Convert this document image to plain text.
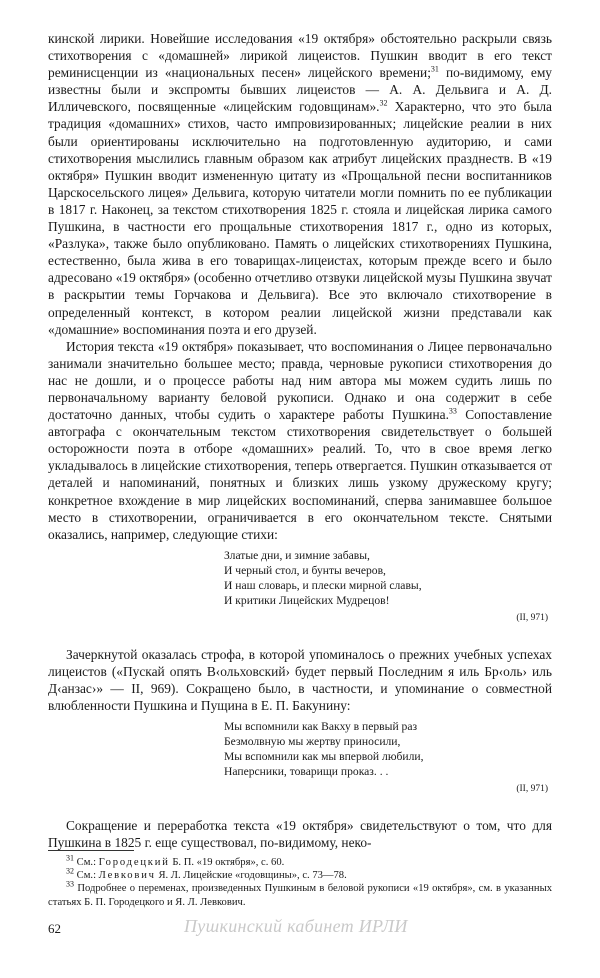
кинской лирики. Новейшие исследования «19 октября» обстоятельно раскрыли связь стихотворения с «домашней» лирикой лицеистов. Пушкин вводит в его текст реминисценции из «национальных песен» лицейского времени;$^{31}$ по-видимому, ему известны были и экспромты бывших лицеистов — А. А. Дельвига и А. Д. Илличевского, посвященные «лицейским годовщинам».$^{32}$ Характерно, что это была традиция «домашних» стихов, часто импровизированных; лицейские реалии в них были ориентированы исключительно на подготовленную аудиторию, и сами стихотворения мыслились главным образом как атрибут лицейских празднеств. В «19 октября» Пушкин вводит измененную цитату из «Прощальной песни воспитанников Царскосельского лицея» Дельвига, которую читатели могли помнить по ее публикации в 1817 г. Наконец, за текстом стихотворения 1825 г. стояла и лицейская лирика самого Пушкина, в частности его прощальные стихотворения 1817 г., одно из которых, «Разлука», также было опубликовано. Память о лицейских стихотворениях Пушкина, естественно, была жива в его товарищах-лицеистах, которым прежде всего и было адресовано «19 октября» (особенно отчетливо отзвуки лицейской музы Пушкина звучат в раскрытии темы Горчакова и Дельвига). Все это включало стихотворение в определенный контекст, в котором реалии лицейской жизни представали как «домашние» воспоминания поэта и его друзей.

История текста «19 октября» показывает, что воспоминания о Лицее первоначально занимали значительно большее место; правда, черновые рукописи стихотворения до нас не дошли, и о процессе работы над ним автора мы можем судить лишь по первоначальному варианту беловой рукописи. Однако и она содержит в себе достаточно данных, чтобы судить о характере работы Пушкина.$^{33}$ Сопоставление автографа с окончательным текстом стихотворения свидетельствует о большей осторожности поэта в отборе «домашних» реалий. То, что в свое время легко укладывалось в лицейские стихотворения, теперь отвергается. Пушкин отказывается от деталей и напоминаний, понятных и близких лишь узкому дружескому кругу; конкретное вхождение в мир лицейских воспоминаний, сперва занимавшее большое место в стихотворении, ограничивается в его окончательном тексте. Снятыми оказались, например, следующие стихи:

Златые дни, и зимние забавы,
И черный стол, и бунты вечеров,
И наш словарь, и плески мирной славы,
И критики Лицейских Мудрецов!
(II, 971)

Зачеркнутой оказалась строфа, в которой упоминалось о прежних учебных успехах лицеистов («Пускай опять В‹ольховский› будет первый Последним я иль Бр‹оль› иль Д‹анзас›» — II, 969). Сокращено было, в частности, и упоминание о совместной влюбленности Пушкина и Пущина в Е. П. Бакунину:

Мы вспомнили как Вакху в первый раз
Безмолвную мы жертву приносили,
Мы вспомнили как мы впервой любили,
Наперсники, товарищи проказ. . .
(II, 971)

Сокращение и переработка текста «19 октября» свидетельствуют о том, что для Пушкина в 1825 г. еще существовал, по-видимому, неко-

$^{31}$ См.: Городецкий Б. П. «19 октября», с. 60.

$^{32}$ См.: Левкович Я. Л. Лицейские «годовщины», с. 73—78.

$^{33}$ Подробнее о переменах, произведенных Пушкиным в беловой рукописи «19 октября», см. в указанных статьях Б. П. Городецкого и Я. Л. Левкович.

62	Пушкинский кабинет ИРЛИ
